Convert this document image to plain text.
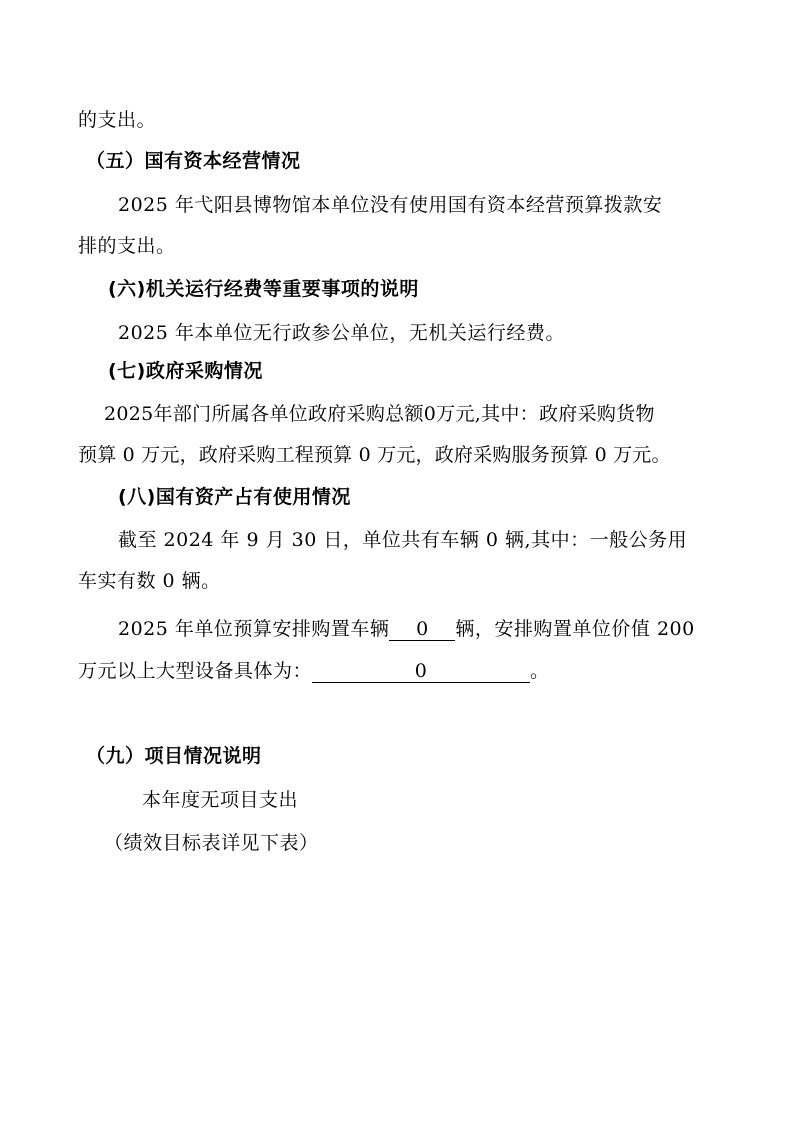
的支出。
（五）国有资本经营情况
2025 年弋阳县博物馆本单位没有使用国有资本经营预算拨款安
排的支出。
(六)机关运行经费等重要事项的说明
2025 年本单位无行政参公单位，无机关运行经费。
(七)政府采购情况
2025年部门所属各单位政府采购总额0万元,其中：政府采购货物
预算 0 万元，政府采购工程预算 0 万元，政府采购服务预算 0 万元。
(八)国有资产占有使用情况
截至 2024 年 9 月 30 日，单位共有车辆 0 辆,其中：一般公务用
车实有数 0 辆。
2025 年单位预算安排购置车辆 0 辆，安排购置单位价值 200
万元以上大型设备具体为：	0	。
（九）项目情况说明
本年度无项目支出
（绩效目标表详见下表）
